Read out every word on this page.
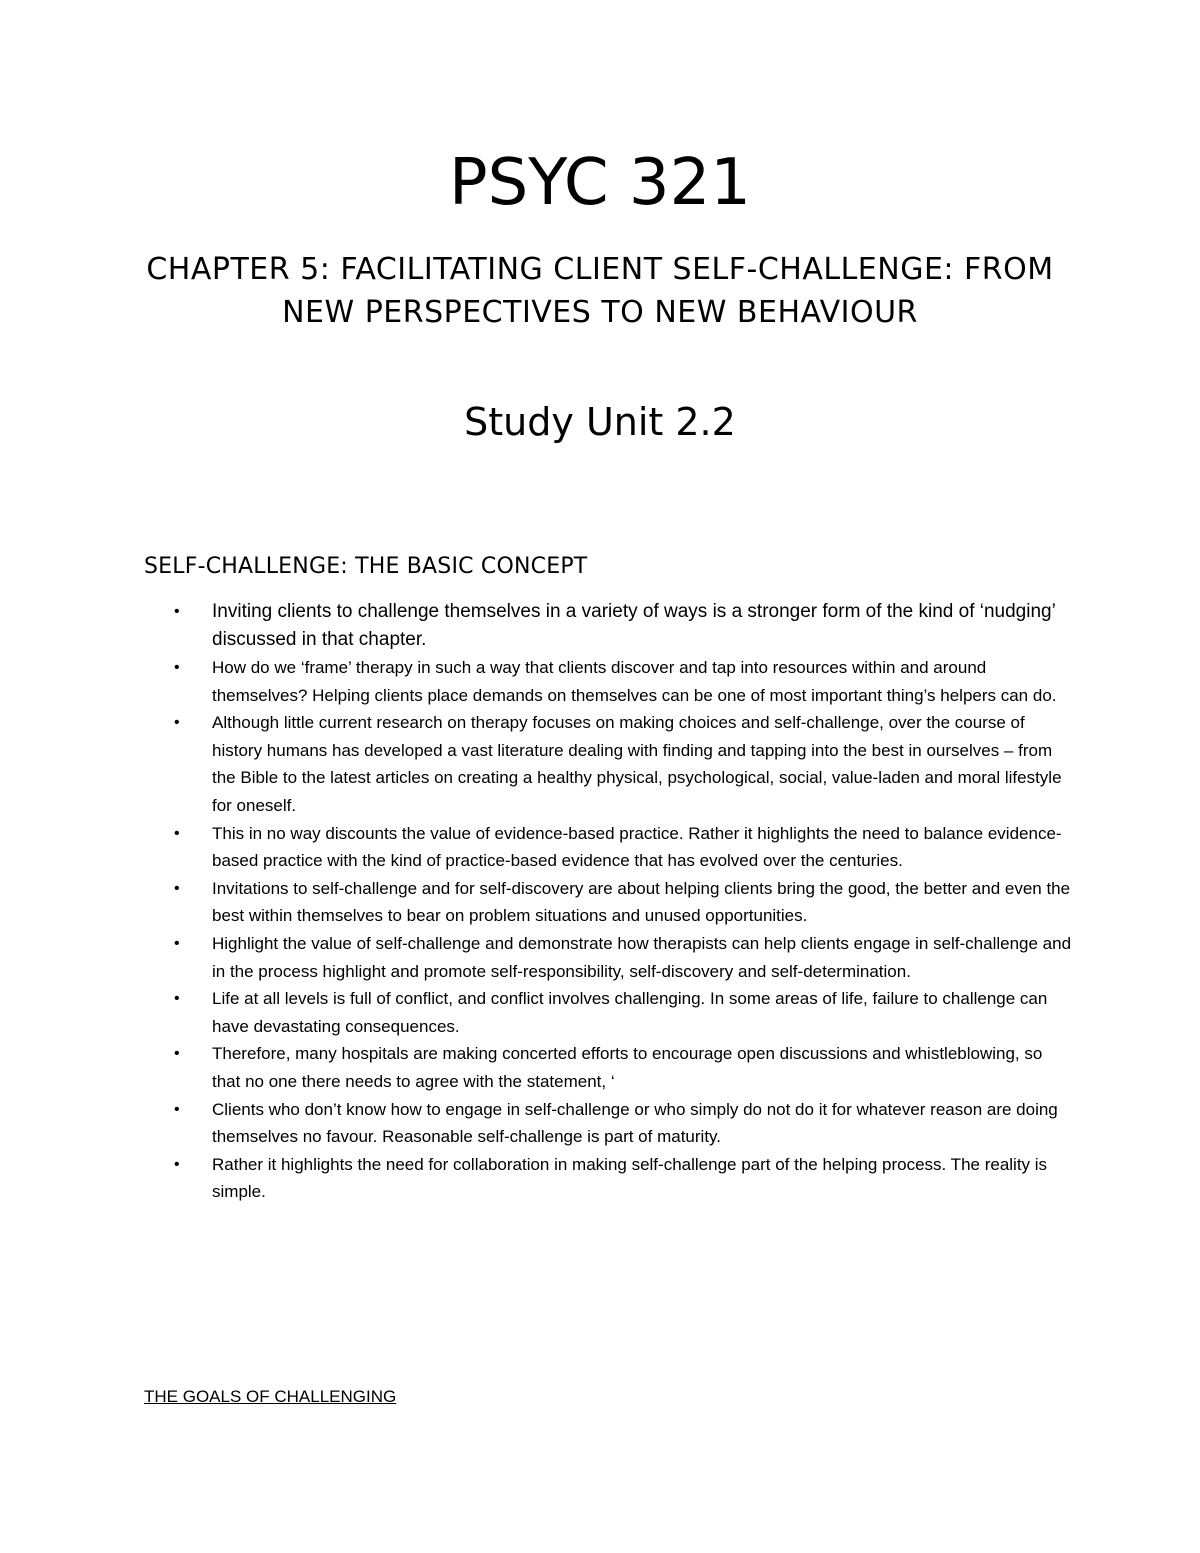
PSYC 321
CHAPTER 5: FACILITATING CLIENT SELF-CHALLENGE: FROM NEW PERSPECTIVES TO NEW BEHAVIOUR
Study Unit 2.2
SELF-CHALLENGE: THE BASIC CONCEPT
• Inviting clients to challenge themselves in a variety of ways is a stronger form of the kind of ‘nudging’ discussed in that chapter.
• How do we ‘frame’ therapy in such a way that clients discover and tap into resources within and around themselves? Helping clients place demands on themselves can be one of most important thing’s helpers can do.
• Although little current research on therapy focuses on making choices and self-challenge, over the course of history humans has developed a vast literature dealing with finding and tapping into the best in ourselves – from the Bible to the latest articles on creating a healthy physical, psychological, social, value-laden and moral lifestyle for oneself.
• This in no way discounts the value of evidence-based practice. Rather it highlights the need to balance evidence-based practice with the kind of practice-based evidence that has evolved over the centuries.
• Invitations to self-challenge and for self-discovery are about helping clients bring the good, the better and even the best within themselves to bear on problem situations and unused opportunities.
• Highlight the value of self-challenge and demonstrate how therapists can help clients engage in self-challenge and in the process highlight and promote self-responsibility, self-discovery and self-determination.
• Life at all levels is full of conflict, and conflict involves challenging. In some areas of life, failure to challenge can have devastating consequences.
• Therefore, many hospitals are making concerted efforts to encourage open discussions and whistleblowing, so that no one there needs to agree with the statement, ‘
• Clients who don’t know how to engage in self-challenge or who simply do not do it for whatever reason are doing themselves no favour. Reasonable self-challenge is part of maturity.
• Rather it highlights the need for collaboration in making self-challenge part of the helping process. The reality is simple.
THE GOALS OF CHALLENGING
